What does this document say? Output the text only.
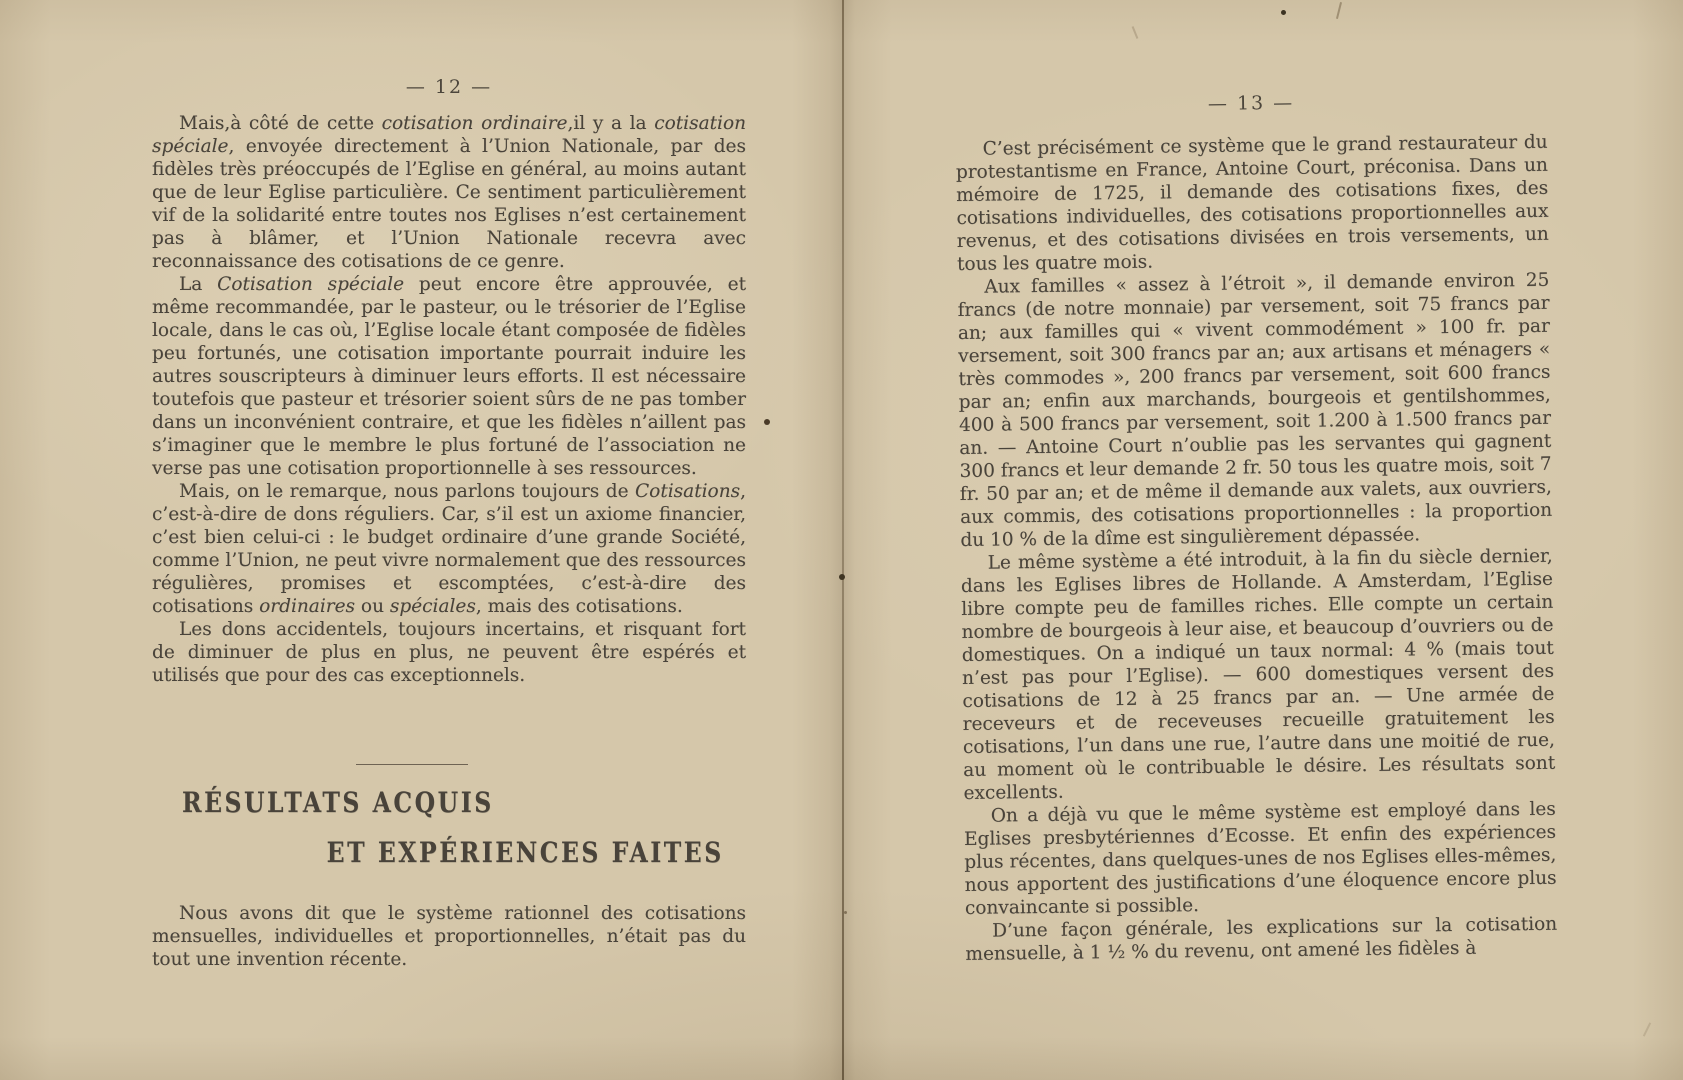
— 12 —

Mais,à côté de cette cotisation ordinaire,il y a la cotisation spéciale, envoyée directement à l’Union Nationale, par des fidèles très préoccupés de l’Eglise en général, au moins autant que de leur Eglise particulière. Ce sentiment particulièrement vif de la solidarité entre toutes nos Eglises n’est certainement pas à blâmer, et l’Union Nationale recevra avec reconnaissance des cotisations de ce genre.

La Cotisation spéciale peut encore être approuvée, et même recommandée, par le pasteur, ou le trésorier de l’Eglise locale, dans le cas où, l’Eglise locale étant composée de fidèles peu fortunés, une cotisation importante pourrait induire les autres souscripteurs à diminuer leurs efforts. Il est nécessaire toutefois que pasteur et trésorier soient sûrs de ne pas tomber dans un inconvénient contraire, et que les fidèles n’aillent pas s’imaginer que le membre le plus fortuné de l’association ne verse pas une cotisation proportionnelle à ses ressources.

Mais, on le remarque, nous parlons toujours de Cotisations, c’est-à-dire de dons réguliers. Car, s’il est un axiome financier, c’est bien celui-ci : le budget ordinaire d’une grande Société, comme l’Union, ne peut vivre normalement que des ressources régulières, promises et escomptées, c’est-à-dire des cotisations ordinaires ou spéciales, mais des cotisations.

Les dons accidentels, toujours incertains, et risquant fort de diminuer de plus en plus, ne peuvent être espérés et utilisés que pour des cas exceptionnels.

RÉSULTATS ACQUIS
ET EXPÉRIENCES FAITES

Nous avons dit que le système rationnel des cotisations mensuelles, individuelles et proportionnelles, n’était pas du tout une invention récente.

— 13 —

C’est précisément ce système que le grand restaurateur du protestantisme en France, Antoine Court, préconisa. Dans un mémoire de 1725, il demande des cotisations fixes, des cotisations individuelles, des cotisations proportionnelles aux revenus, et des cotisations divisées en trois versements, un tous les quatre mois.

Aux familles « assez à l’étroit », il demande environ 25 francs (de notre monnaie) par versement, soit 75 francs par an; aux familles qui « vivent commodément » 100 fr. par versement, soit 300 francs par an; aux artisans et ménagers « très commodes », 200 francs par versement, soit 600 francs par an; enfin aux marchands, bourgeois et gentilshommes, 400 à 500 francs par versement, soit 1.200 à 1.500 francs par an. — Antoine Court n’oublie pas les servantes qui gagnent 300 francs et leur demande 2 fr. 50 tous les quatre mois, soit 7 fr. 50 par an; et de même il demande aux valets, aux ouvriers, aux commis, des cotisations proportionnelles : la proportion du 10 % de la dîme est singulièrement dépassée.

Le même système a été introduit, à la fin du siècle dernier, dans les Eglises libres de Hollande. A Amsterdam, l’Eglise libre compte peu de familles riches. Elle compte un certain nombre de bourgeois à leur aise, et beaucoup d’ouvriers ou de domestiques. On a indiqué un taux normal: 4 % (mais tout n’est pas pour l’Eglise). — 600 domestiques versent des cotisations de 12 à 25 francs par an. — Une armée de receveurs et de receveuses recueille gratuitement les cotisations, l’un dans une rue, l’autre dans une moitié de rue, au moment où le contribuable le désire. Les résultats sont excellents.

On a déjà vu que le même système est employé dans les Eglises presbytériennes d’Ecosse. Et enfin des expériences plus récentes, dans quelques-unes de nos Eglises elles-mêmes, nous apportent des justifications d’une éloquence encore plus convaincante si possible.

D’une façon générale, les explications sur la cotisation mensuelle, à 1 ½ % du revenu, ont amené les fidèles à
